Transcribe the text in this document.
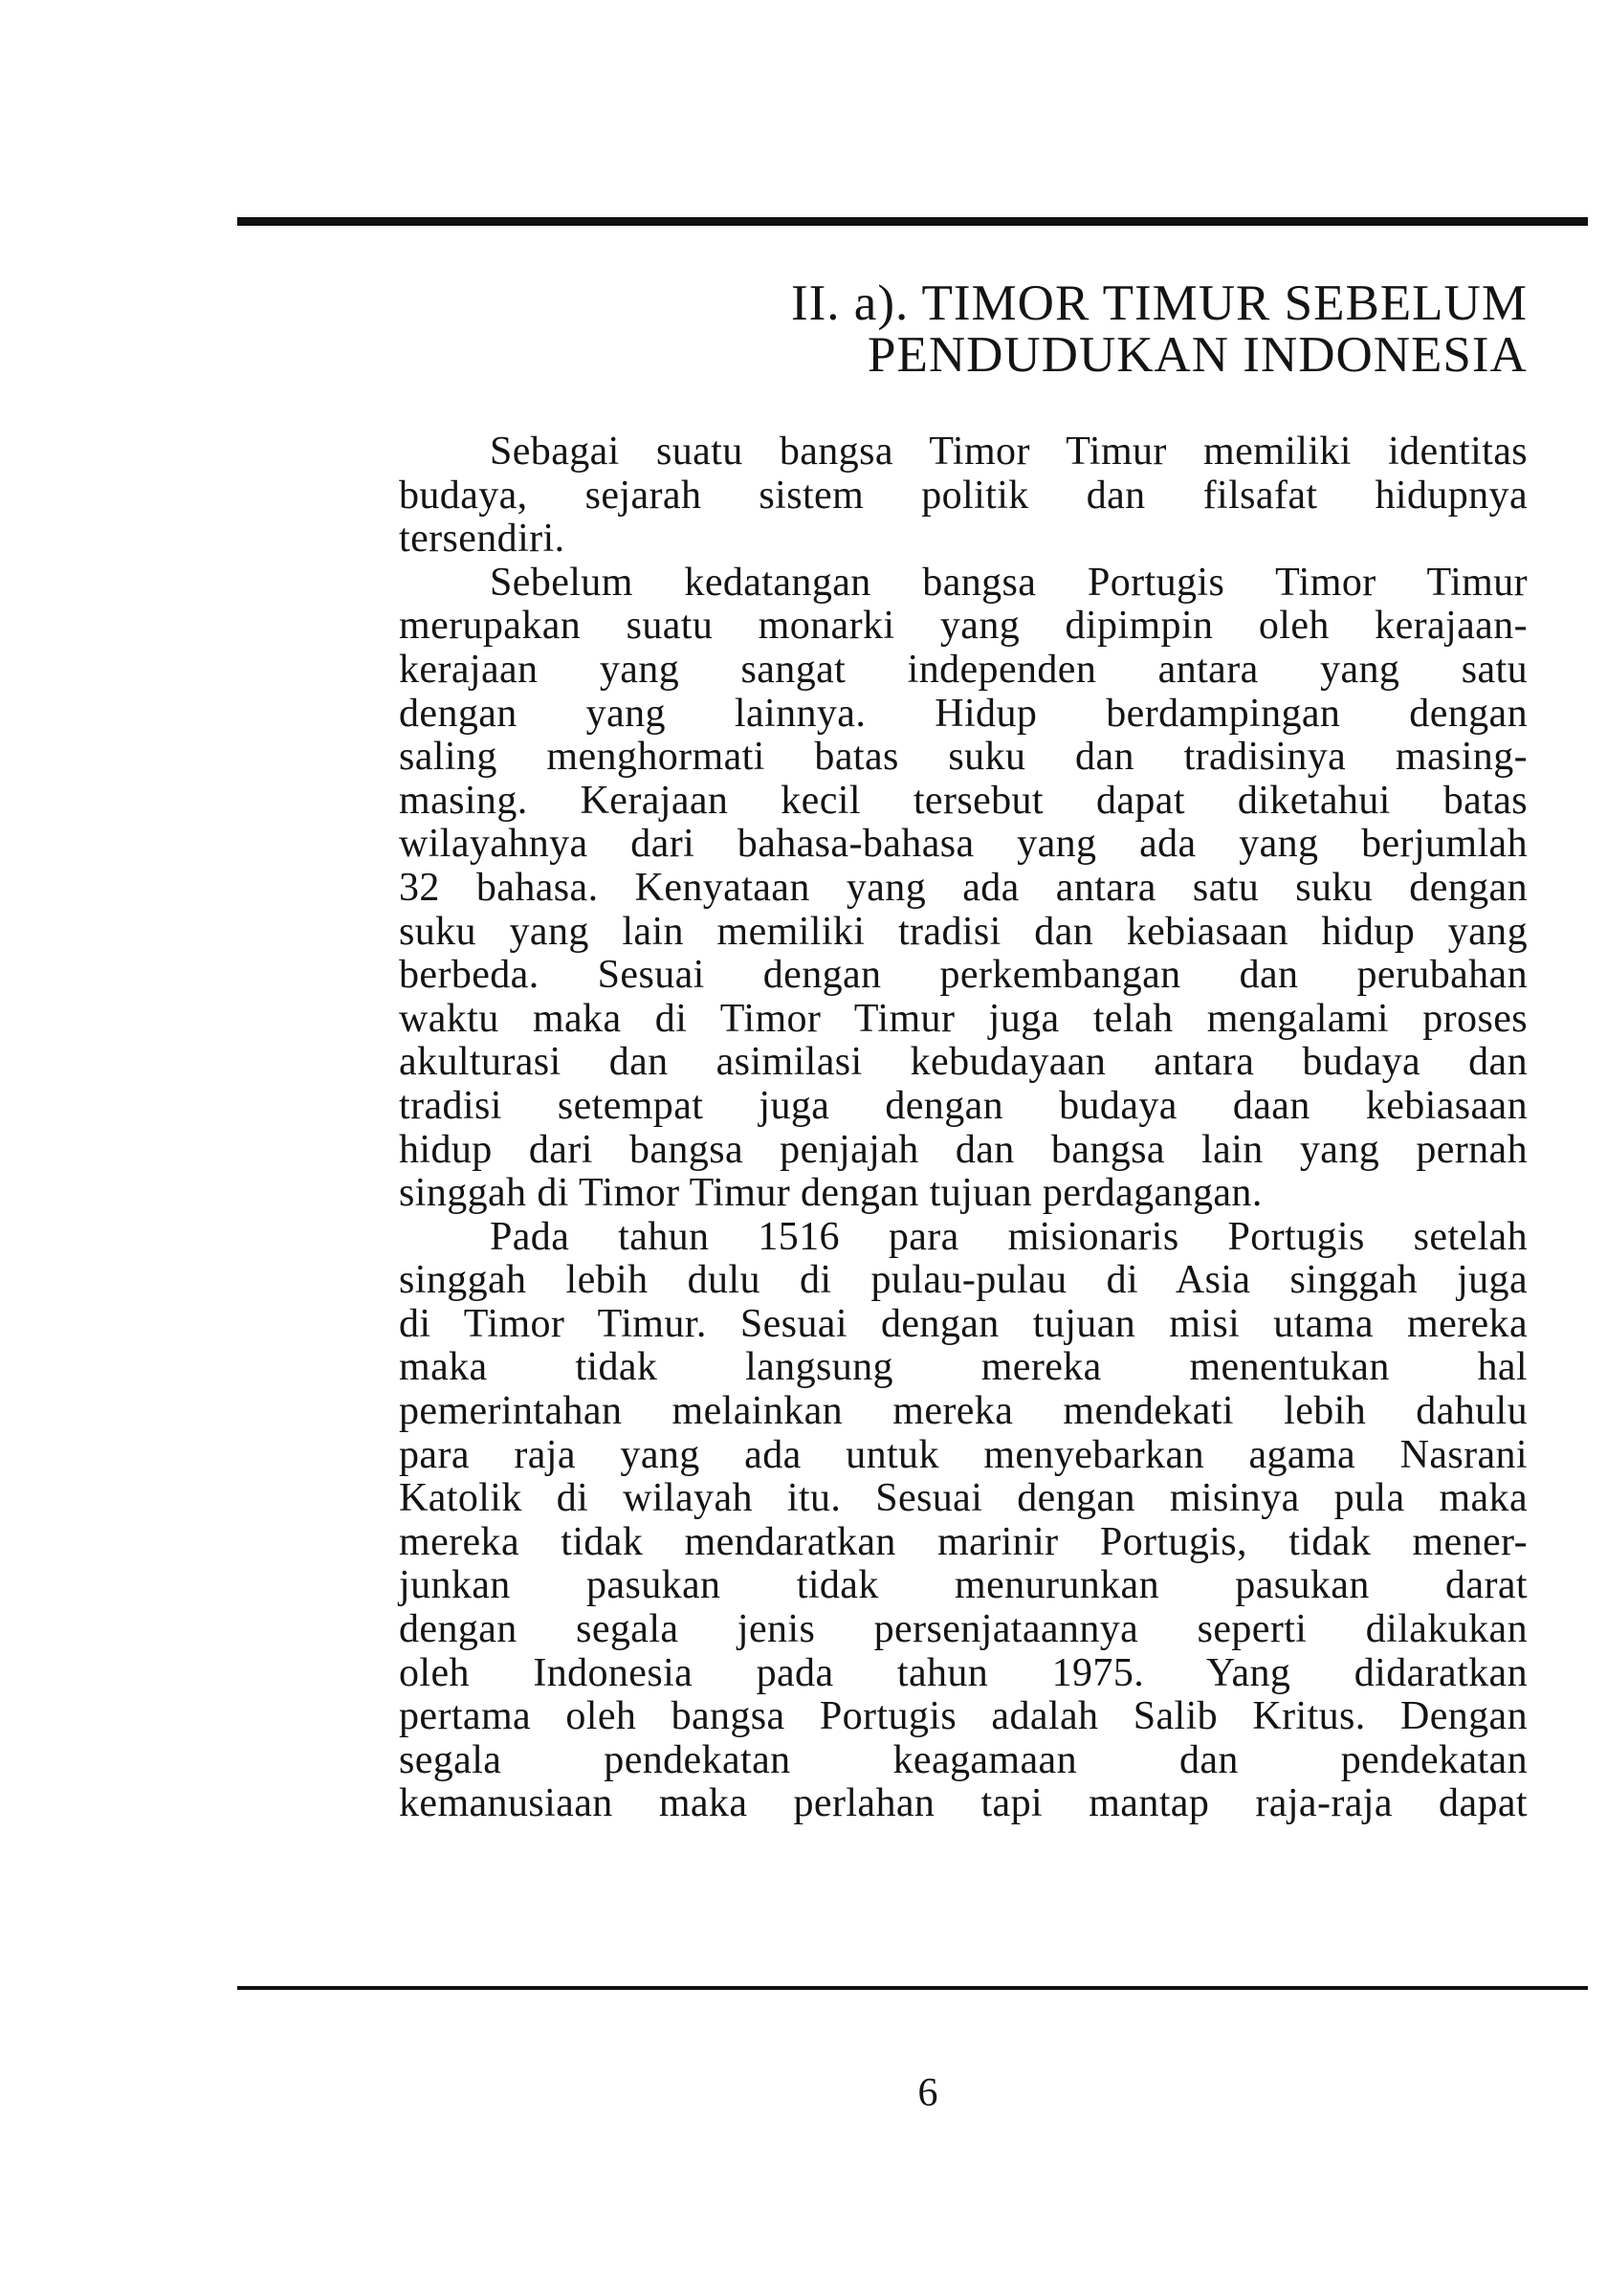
II. a). TIMOR TIMUR SEBELUM
PENDUDUKAN INDONESIA
Sebagai suatu bangsa Timor Timur memiliki identitas
budaya, sejarah sistem politik dan filsafat hidupnya
tersendiri.
Sebelum kedatangan bangsa Portugis Timor Timur
merupakan suatu monarki yang dipimpin oleh kerajaan-
kerajaan yang sangat independen antara yang satu
dengan yang lainnya. Hidup berdampingan dengan
saling menghormati batas suku dan tradisinya masing-
masing. Kerajaan kecil tersebut dapat diketahui batas
wilayahnya dari bahasa-bahasa yang ada yang berjumlah
32 bahasa. Kenyataan yang ada antara satu suku dengan
suku yang lain memiliki tradisi dan kebiasaan hidup yang
berbeda. Sesuai dengan perkembangan dan perubahan
waktu maka di Timor Timur juga telah mengalami proses
akulturasi dan asimilasi kebudayaan antara budaya dan
tradisi setempat juga dengan budaya daan kebiasaan
hidup dari bangsa penjajah dan bangsa lain yang pernah
singgah di Timor Timur dengan tujuan perdagangan.
Pada tahun 1516 para misionaris Portugis setelah
singgah lebih dulu di pulau-pulau di Asia singgah juga
di Timor Timur. Sesuai dengan tujuan misi utama mereka
maka tidak langsung mereka menentukan hal
pemerintahan melainkan mereka mendekati lebih dahulu
para raja yang ada untuk menyebarkan agama Nasrani
Katolik di wilayah itu. Sesuai dengan misinya pula maka
mereka tidak mendaratkan marinir Portugis, tidak mener-
junkan pasukan tidak menurunkan pasukan darat
dengan segala jenis persenjataannya seperti dilakukan
oleh Indonesia pada tahun 1975. Yang didaratkan
pertama oleh bangsa Portugis adalah Salib Kritus. Dengan
segala pendekatan keagamaan dan pendekatan
kemanusiaan maka perlahan tapi mantap raja-raja dapat
6
